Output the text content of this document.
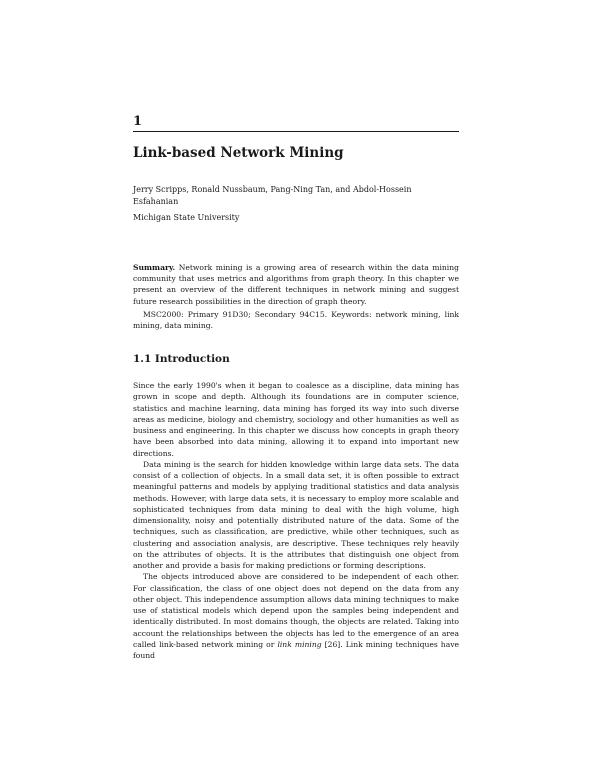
1
Link-based Network Mining
Jerry Scripps, Ronald Nussbaum, Pang-Ning Tan, and Abdol-Hossein Esfahanian
Michigan State University
Summary. Network mining is a growing area of research within the data mining community that uses metrics and algorithms from graph theory. In this chapter we present an overview of the different techniques in network mining and suggest future research possibilities in the direction of graph theory.
MSC2000: Primary 91D30; Secondary 94C15. Keywords: network mining, link mining, data mining.
1.1 Introduction

Since the early 1990's when it began to coalesce as a discipline, data mining has grown in scope and depth. Although its foundations are in computer science, statistics and machine learning, data mining has forged its way into such diverse areas as medicine, biology and chemistry, sociology and other humanities as well as business and engineering. In this chapter we discuss how concepts in graph theory have been absorbed into data mining, allowing it to expand into important new directions.

Data mining is the search for hidden knowledge within large data sets. The data consist of a collection of objects. In a small data set, it is often possible to extract meaningful patterns and models by applying traditional statistics and data analysis methods. However, with large data sets, it is necessary to employ more scalable and sophisticated techniques from data mining to deal with the high volume, high dimensionality, noisy and potentially distributed nature of the data. Some of the techniques, such as classification, are predictive, while other techniques, such as clustering and association analysis, are descriptive. These techniques rely heavily on the attributes of objects. It is the attributes that distinguish one object from another and provide a basis for making predictions or forming descriptions.

The objects introduced above are considered to be independent of each other. For classification, the class of one object does not depend on the data from any other object. This independence assumption allows data mining techniques to make use of statistical models which depend upon the samples being independent and identically distributed. In most domains though, the objects are related. Taking into account the relationships between the objects has led to the emergence of an area called link-based network mining or link mining [26]. Link mining techniques have found
